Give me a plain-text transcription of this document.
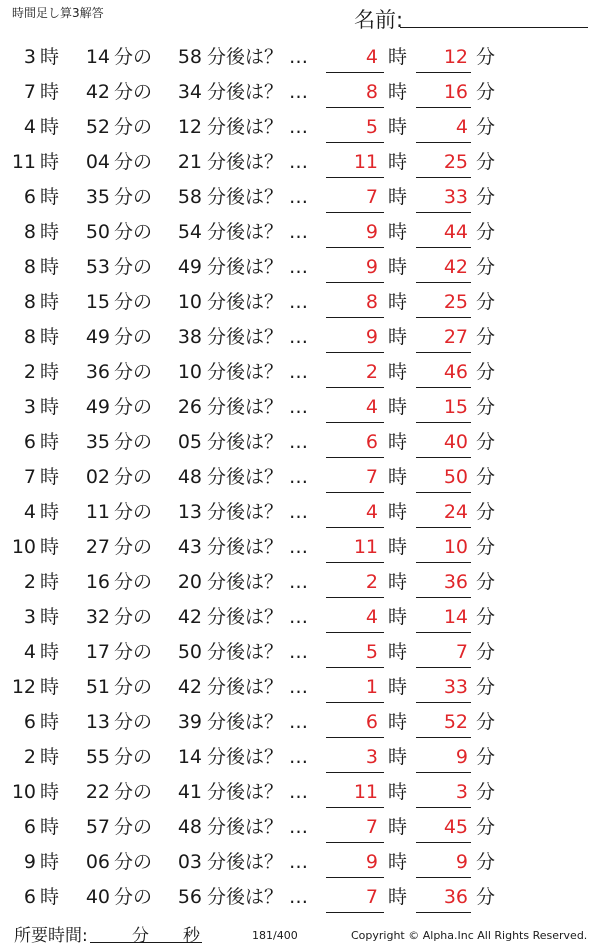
時間足し算3解答	名前:
3 時	14 分の	58 分後は？ …	4 時	12 分
7 時	42 分の	34 分後は？ …	8 時	16 分
4 時	52 分の	12 分後は？ …	5 時	4 分
11 時	04 分の	21 分後は？ …	11 時	25 分
6 時	35 分の	58 分後は？ …	7 時	33 分
8 時	50 分の	54 分後は？ …	9 時	44 分
8 時	53 分の	49 分後は？ …	9 時	42 分
8 時	15 分の	10 分後は？ …	8 時	25 分
8 時	49 分の	38 分後は？ …	9 時	27 分
2 時	36 分の	10 分後は？ …	2 時	46 分
3 時	49 分の	26 分後は？ …	4 時	15 分
6 時	35 分の	05 分後は？ …	6 時	40 分
7 時	02 分の	48 分後は？ …	7 時	50 分
4 時	11 分の	13 分後は？ …	4 時	24 分
10 時	27 分の	43 分後は？ …	11 時	10 分
2 時	16 分の	20 分後は？ …	2 時	36 分
3 時	32 分の	42 分後は？ …	4 時	14 分
4 時	17 分の	50 分後は？ …	5 時	7 分
12 時	51 分の	42 分後は？ …	1 時	33 分
6 時	13 分の	39 分後は？ …	6 時	52 分
2 時	55 分の	14 分後は？ …	3 時	9 分
10 時	22 分の	41 分後は？ …	11 時	3 分
6 時	57 分の	48 分後は？ …	7 時	45 分
9 時	06 分の	03 分後は？ …	9 時	9 分
6 時	40 分の	56 分後は？ …	7 時	36 分
所要時間:	分 秒	181/400	Copyright © Alpha.Inc All Rights Reserved.
